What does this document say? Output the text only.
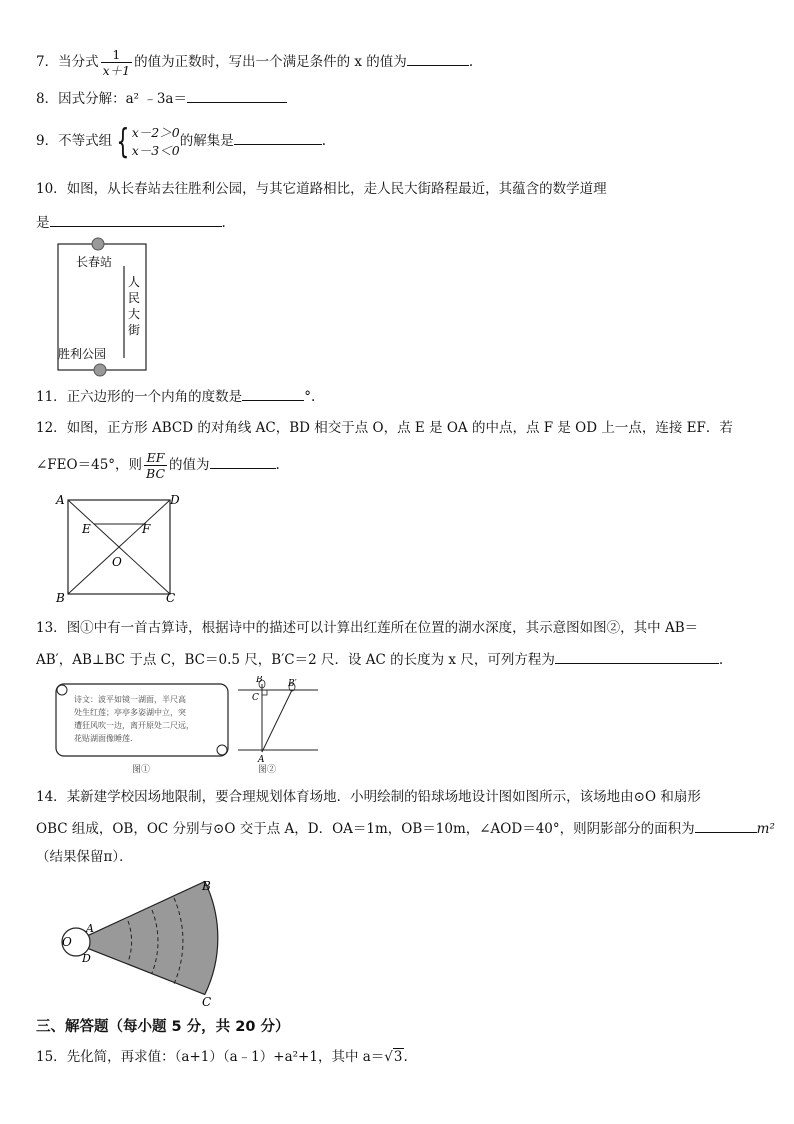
7．当分式 $\frac{1}{x+1}$ 的值为正数时，写出一个满足条件的 x 的值为	.
8．因式分解：a² ﹣3a＝
9．不等式组 { x－2＞0
x－3＜0
的解集是	.
10．如图，从长春站去往胜利公园，与其它道路相比，走人民大街路程最近，其蕴含的数学道理
是	.
长春站
胜利公园
人
民
大
街
11．正六边形的一个内角的度数是	°.
12．如图，正方形 ABCD 的对角线 AC，BD 相交于点 O，点 E 是 OA 的中点，点 F 是 OD 上一点，连接 EF．若
∠FEO＝45°，则 $\frac{EF}{BC}$ 的值为	.
A	D
B	C
E	F
O
13．图①中有一首古算诗，根据诗中的描述可以计算出红莲所在位置的湖水深度，其示意图如图②，其中 AB＝
AB′，AB⊥BC 于点 C，BC＝0.5 尺，B′C＝2 尺．设 AC 的长度为 x 尺，可列方程为	.
诗文：波平如镜一湖面，半尺高
处生红莲；亭亭多姿湖中立，突
遭狂风吹一边，离开原处二尺远，
花贴湖面像睡莲.
图①
B	B′
C
A
图②
14．某新建学校因场地限制，要合理规划体育场地．小明绘制的铅球场地设计图如图所示，该场地由⊙O 和扇形
OBC 组成，OB，OC 分别与⊙O 交于点 A，D．OA＝1m，OB＝10m，∠AOD＝40°，则阴影部分的面积为	m²
（结果保留π）．
O
A
D
B
C
三、解答题（每小题 5 分，共 20 分）
15．先化简，再求值：（a+1）（a﹣1）+a²+1，其中 a＝√3.
